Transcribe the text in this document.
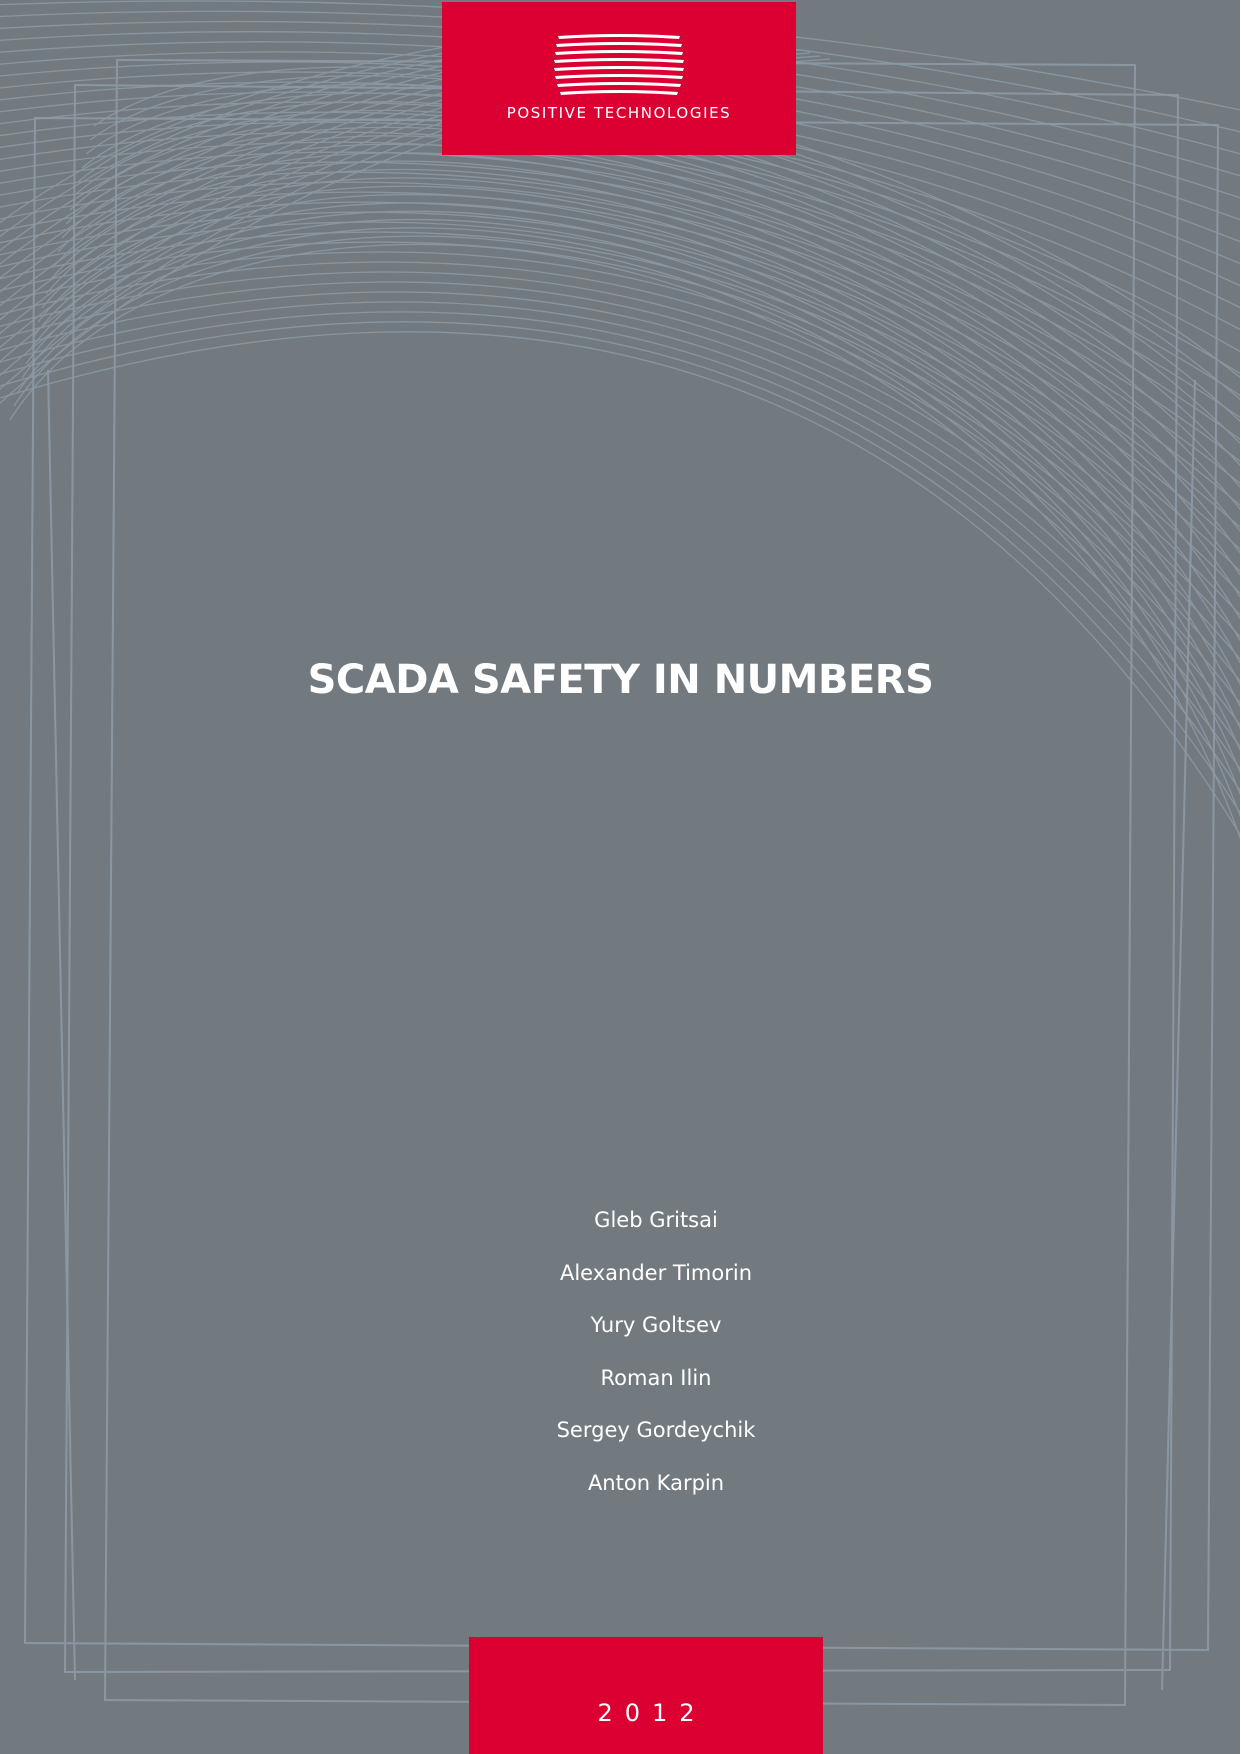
POSITIVE TECHNOLOGIES
SCADA SAFETY IN NUMBERS
Gleb Gritsai
Alexander Timorin
Yury Goltsev
Roman Ilin
Sergey Gordeychik
Anton Karpin
2012
